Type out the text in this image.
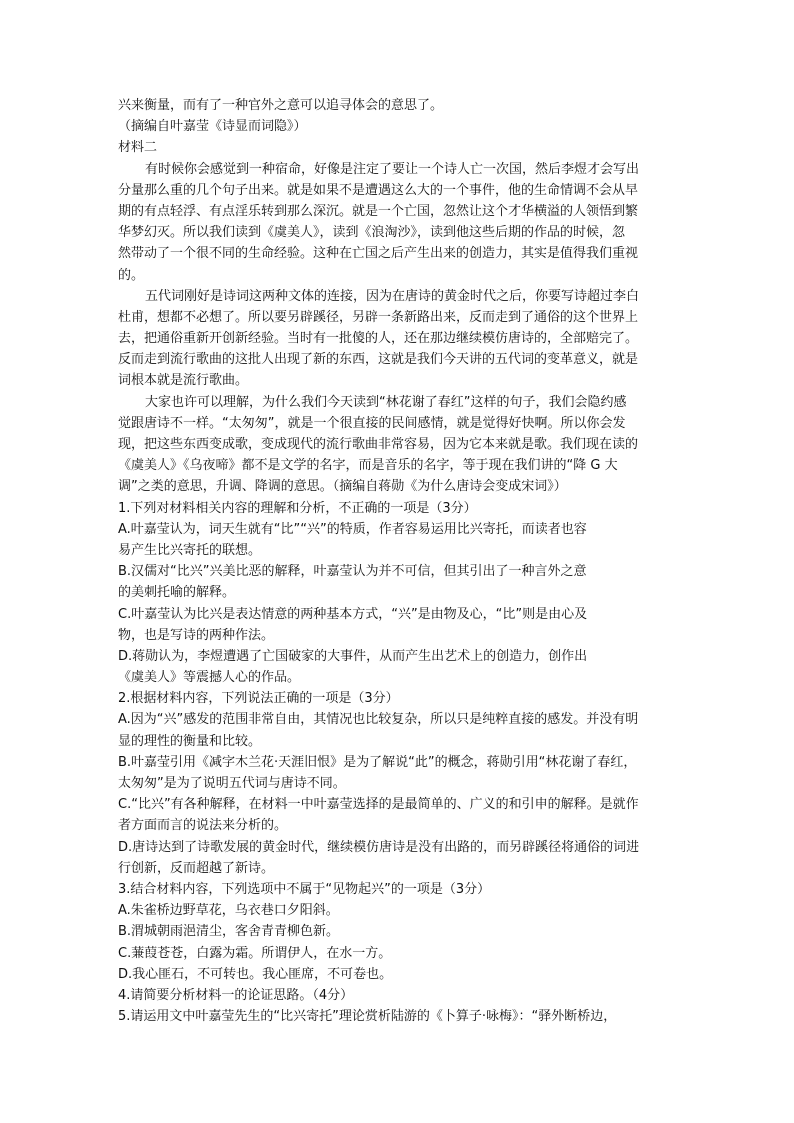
兴来衡量，而有了一种官外之意可以追寻体会的意思了。
（摘编自叶嘉莹《诗显而词隐》）
材料二
有时候你会感觉到一种宿命，好像是注定了要让一个诗人亡一次国，然后李煜才会写出
分量那么重的几个句子出来。就是如果不是遭遇这么大的一个事件，他的生命情调不会从早
期的有点轻浮、有点淫乐转到那么深沉。就是一个亡国，忽然让这个才华横溢的人领悟到繁
华梦幻灭。所以我们读到《虞美人》，读到《浪淘沙》，读到他这些后期的作品的时候，忽
然带动了一个很不同的生命经验。这种在亡国之后产生出来的创造力，其实是值得我们重视
的。
五代词刚好是诗词这两种文体的连接，因为在唐诗的黄金时代之后，你要写诗超过李白
杜甫，想都不必想了。所以要另辟蹊径，另辟一条新路出来，反而走到了通俗的这个世界上
去，把通俗重新开创新经验。当时有一批傻的人，还在那边继续模仿唐诗的，全部赔完了。
反而走到流行歌曲的这批人出现了新的东西，这就是我们今天讲的五代词的变革意义，就是
词根本就是流行歌曲。
大家也许可以理解，为什么我们今天读到“林花谢了春红”这样的句子，我们会隐约感
觉跟唐诗不一样。“太匆匆”，就是一个很直接的民间感情，就是觉得好快啊。所以你会发
现，把这些东西变成歌，变成现代的流行歌曲非常容易，因为它本来就是歌。我们现在读的
《虞美人》《乌夜啼》都不是文学的名字，而是音乐的名字，等于现在我们讲的“降 G 大
调”之类的意思，升调、降调的意思。（摘编自蒋勋《为什么唐诗会变成宋词》）
1.下列对材料相关内容的理解和分析，不正确的一项是（3分）
A.叶嘉莹认为，词天生就有“比”“兴”的特质，作者容易运用比兴寄托，而读者也容
易产生比兴寄托的联想。
B.汉儒对“比兴”兴美比恶的解释，叶嘉莹认为并不可信，但其引出了一种言外之意
的美刺托喻的解释。
C.叶嘉莹认为比兴是表达情意的两种基本方式，“兴”是由物及心，“比”则是由心及
物，也是写诗的两种作法。
D.蒋勋认为，李煜遭遇了亡国破家的大事件，从而产生出艺术上的创造力，创作出
《虞美人》等震撼人心的作品。
2.根据材料内容，下列说法正确的一项是（3分）
A.因为“兴”感发的范围非常自由，其情况也比较复杂，所以只是纯粹直接的感发。并没有明
显的理性的衡量和比较。
B.叶嘉莹引用《减字木兰花·天涯旧恨》是为了解说“此”的概念，蒋勋引用“林花谢了春红，
太匆匆”是为了说明五代词与唐诗不同。
C.“比兴”有各种解释，在材料一中叶嘉莹选择的是最简单的、广义的和引申的解释。是就作
者方面而言的说法来分析的。
D.唐诗达到了诗歌发展的黄金时代，继续模仿唐诗是没有出路的，而另辟蹊径将通俗的词进
行创新，反而超越了新诗。
3.结合材料内容，下列选项中不属于“见物起兴”的一项是（3分）
A.朱雀桥边野草花，乌衣巷口夕阳斜。
B.渭城朝雨浥清尘，客舍青青柳色新。
C.蒹葭苍苍，白露为霜。所谓伊人，在水一方。
D.我心匪石，不可转也。我心匪席，不可卷也。
4.请简要分析材料一的论证思路。（4分）
5.请运用文中叶嘉莹先生的“比兴寄托”理论赏析陆游的《卜算子·咏梅》：“驿外断桥边，
